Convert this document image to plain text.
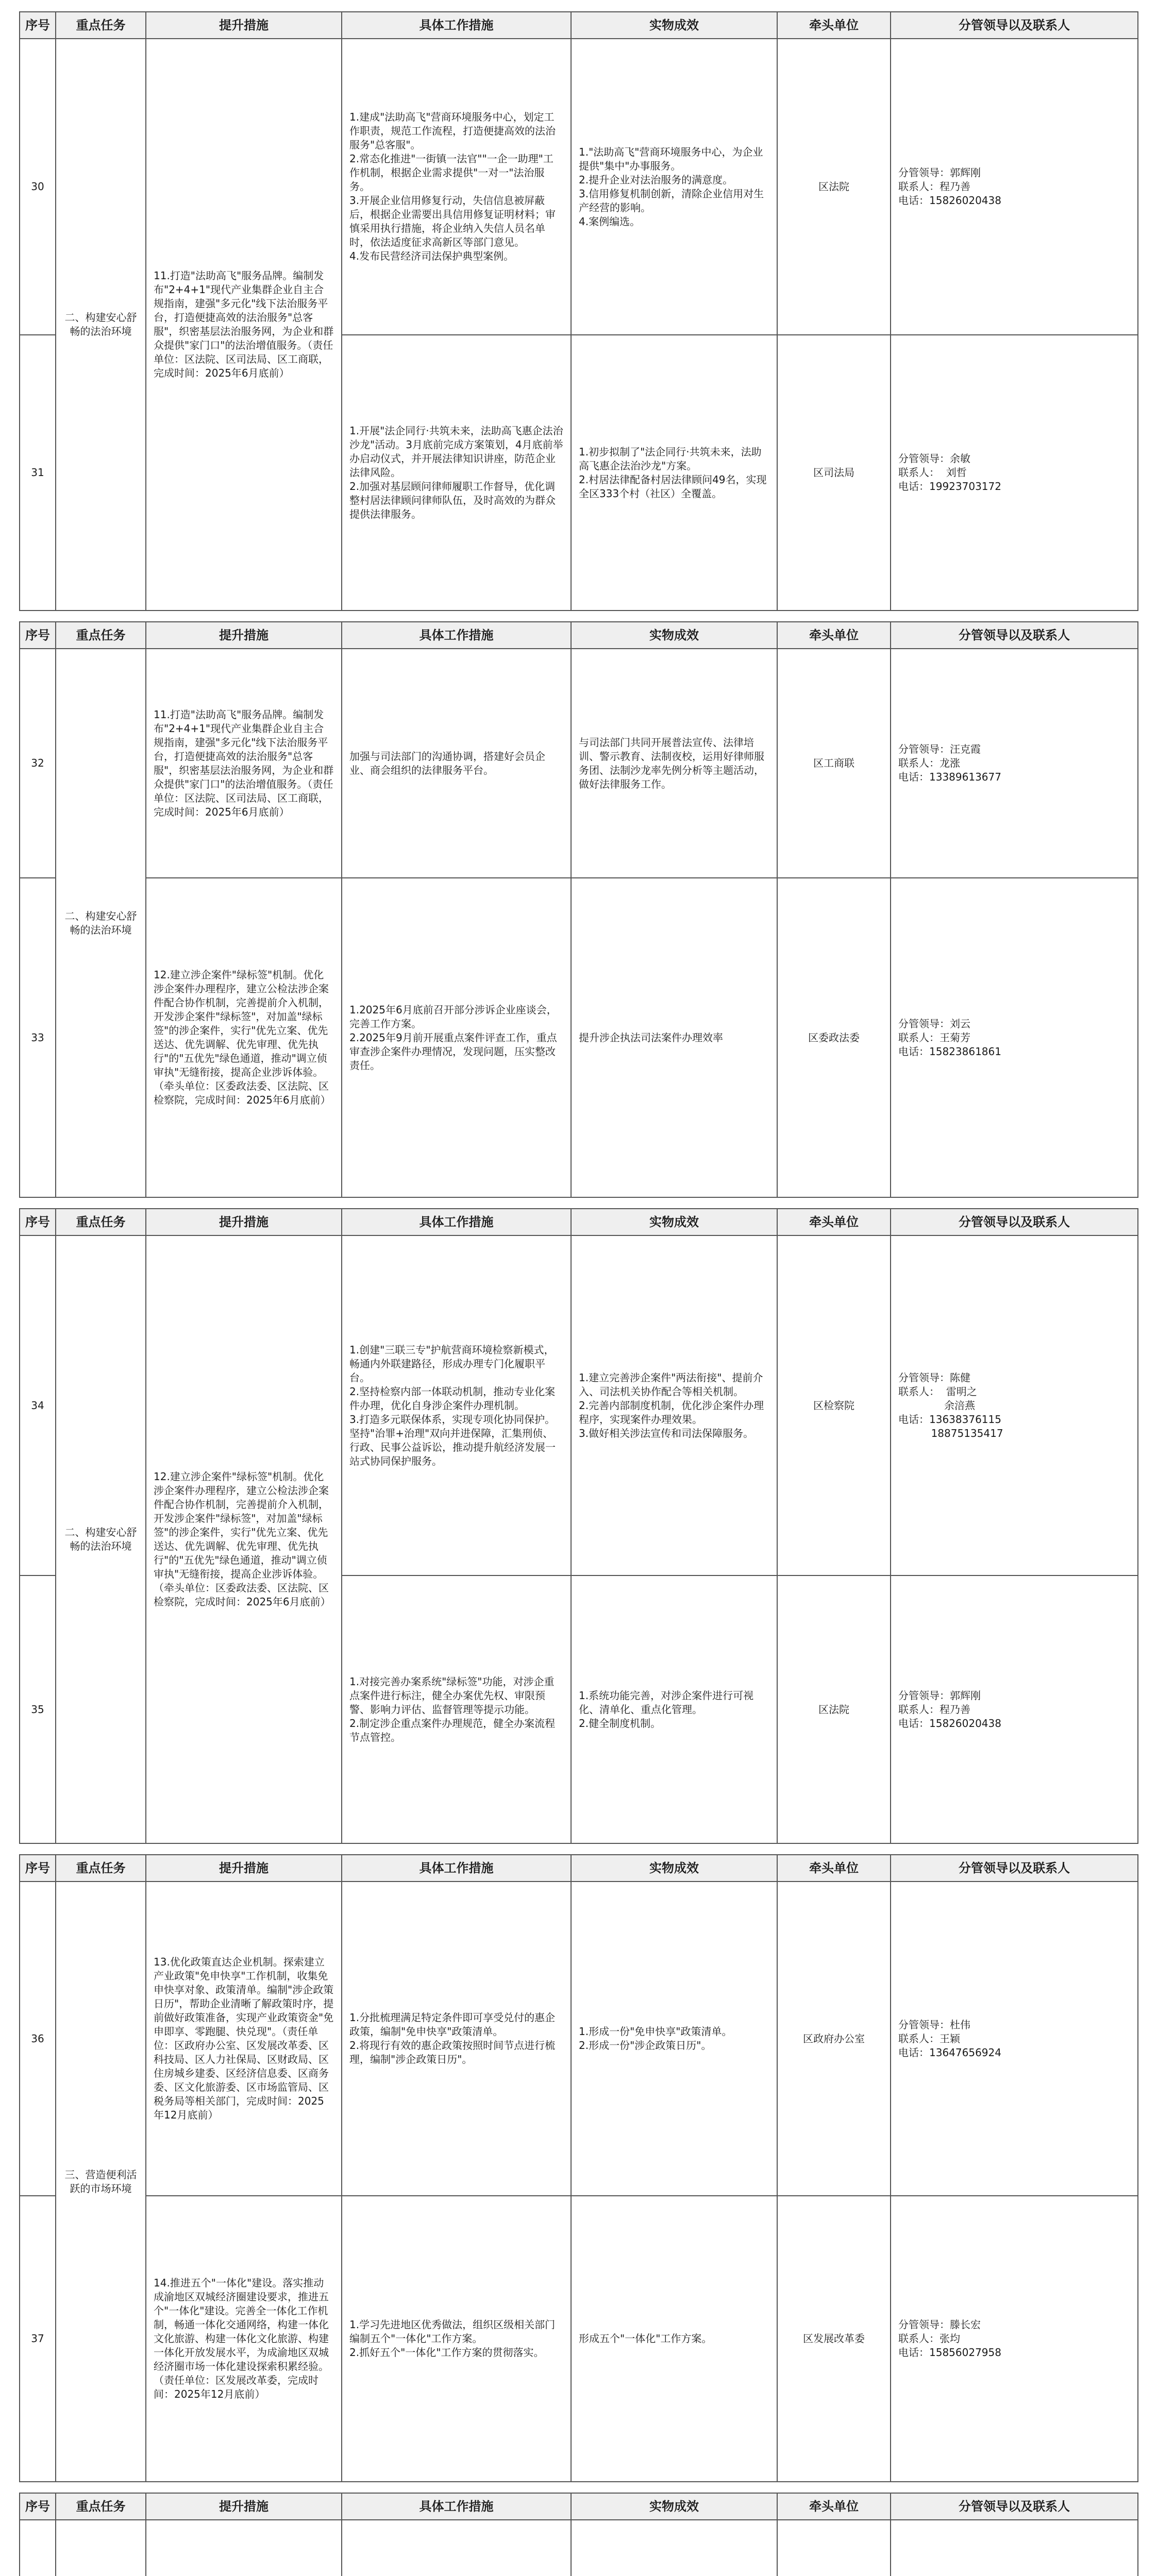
序号	重点任务	提升措施	具体工作措施	实物成效	牵头单位	分管领导以及联系人

30	二、构建安心舒畅的法治环境	11.打造"法助高飞"服务品牌。编制发布"2+4+1"现代产业集群企业自主合规指南，建强"多元化"线下法治服务平台，打造便捷高效的法治服务"总客服"，织密基层法治服务网，为企业和群众提供"家门口"的法治增值服务。（责任单位：区法院、区司法局、区工商联，完成时间：2025年6月底前）	1.建成"法助高飞"营商环境服务中心，划定工作职责，规范工作流程，打造便捷高效的法治服务"总客服"。
2.常态化推进"一街镇一法官""一企一助理"工作机制，根据企业需求提供"一对一"法治服务。
3.开展企业信用修复行动，失信信息被屏蔽后，根据企业需要出具信用修复证明材料；审慎采用执行措施，将企业纳入失信人员名单时，依法适度征求高新区等部门意见。
4.发布民营经济司法保护典型案例。	1."法助高飞"营商环境服务中心，为企业提供"集中"办事服务。
2.提升企业对法治服务的满意度。
3.信用修复机制创新，清除企业信用对生产经营的影响。
4.案例编选。	区法院	分管领导：郭辉刚
联系人：程乃善
电话：15826020438

31			1.开展"法企同行·共筑未来，法助高飞惠企法治沙龙"活动。3月底前完成方案策划，4月底前举办启动仪式，并开展法律知识讲座，防范企业法律风险。
2.加强对基层顾问律师履职工作督导，优化调整村居法律顾问律师队伍，及时高效的为群众提供法律服务。	1.初步拟制了"法企同行·共筑未来，法助高飞惠企法治沙龙"方案。
2.村居法律配备村居法律顾问49名，实现全区333个村（社区）全覆盖。	区司法局	分管领导：余敏
联系人：  刘哲
电话：19923703172
序号	重点任务	提升措施	具体工作措施	实物成效	牵头单位	分管领导以及联系人

32	二、构建安心舒畅的法治环境	11.打造"法助高飞"服务品牌。编制发布"2+4+1"现代产业集群企业自主合规指南，建强"多元化"线下法治服务平台，打造便捷高效的法治服务"总客服"，织密基层法治服务网，为企业和群众提供"家门口"的法治增值服务。（责任单位：区法院、区司法局、区工商联，完成时间：2025年6月底前）	加强与司法部门的沟通协调，搭建好会员企业、商会组织的法律服务平台。	与司法部门共同开展普法宣传、法律培训、警示教育、法制夜校，运用好律师服务团、法制沙龙率先例分析等主题活动，做好法律服务工作。	区工商联	分管领导：汪克霞
联系人：龙涨
电话：13389613677

33		12.建立涉企案件"绿标签"机制。优化涉企案件办理程序，建立公检法涉企案件配合协作机制，完善提前介入机制，开发涉企案件"绿标签"，对加盖"绿标签"的涉企案件，实行"优先立案、优先送达、优先调解、优先审理、优先执行"的"五优先"绿色通道，推动"调立侦审执"无缝衔接，提高企业涉诉体验。（牵头单位：区委政法委、区法院、区检察院，完成时间：2025年6月底前）	1.2025年6月底前召开部分涉诉企业座谈会，完善工作方案。
2.2025年9月前开展重点案件评查工作，重点审查涉企案件办理情况，发现问题，压实整改责任。	提升涉企执法司法案件办理效率	区委政法委	分管领导：刘云
联系人：王菊芳
电话：15823861861
序号	重点任务	提升措施	具体工作措施	实物成效	牵头单位	分管领导以及联系人

34	二、构建安心舒畅的法治环境	12.建立涉企案件"绿标签"机制。优化涉企案件办理程序，建立公检法涉企案件配合协作机制，完善提前介入机制，开发涉企案件"绿标签"，对加盖"绿标签"的涉企案件，实行"优先立案、优先送达、优先调解、优先审理、优先执行"的"五优先"绿色通道，推动"调立侦审执"无缝衔接，提高企业涉诉体验。（牵头单位：区委政法委、区法院、区检察院，完成时间：2025年6月底前）	1.创建"三联三专"护航营商环境检察新模式，畅通内外联建路径，形成办理专门化履职平台。
2.坚持检察内部一体联动机制，推动专业化案件办理，优化自身涉企案件办理机制。
3.打造多元联保体系，实现专项化协同保护。坚持"治罪+治理"双向并进保障，汇集刑侦、行政、民事公益诉讼，推动提升航经济发展一站式协同保护服务。	1.建立完善涉企案件"两法衔接"、提前介入、司法机关协作配合等相关机制。
2.完善内部制度机制，优化涉企案件办理程序，实现案件办理效果。
3.做好相关涉法宣传和司法保障服务。	区检察院	分管领导：陈健
联系人：  雷明之
余涪燕
电话：13638376115
18875135417

35			1.对接完善办案系统"绿标签"功能，对涉企重点案件进行标注，健全办案优先权、审限预警、影响力评估、监督管理等提示功能。
2.制定涉企重点案件办理规范，健全办案流程节点管控。	1.系统功能完善，对涉企案件进行可视化、清单化、重点化管理。
2.健全制度机制。	区法院	分管领导：郭辉刚
联系人：程乃善
电话：15826020438
序号	重点任务	提升措施	具体工作措施	实物成效	牵头单位	分管领导以及联系人

36	三、营造便利活跃的市场环境	13.优化政策直达企业机制。探索建立产业政策"免申快享"工作机制，收集免申快享对象、政策清单。编制"涉企政策日历"，帮助企业清晰了解政策时序，提前做好政策准备，实现产业政策资金"免申即享、零跑腿、快兑现"。（责任单位：区政府办公室、区发展改革委、区科技局、区人力社保局、区财政局、区住房城乡建委、区经济信息委、区商务委、区文化旅游委、区市场监管局、区税务局等相关部门，完成时间：2025年12月底前）	1.分批梳理满足特定条件即可享受兑付的惠企政策，编制"免申快享"政策清单。
2.将现行有效的惠企政策按照时间节点进行梳理，编制"涉企政策日历"。	1.形成一份"免申快享"政策清单。
2.形成一份"涉企政策日历"。	区政府办公室	分管领导：杜伟
联系人：王颖
电话：13647656924

37		14.推进五个"一体化"建设。落实推动成渝地区双城经济圈建设要求，推进五个"一体化"建设。完善全一体化工作机制，畅通一体化交通网络，构建一体化文化旅游、构建一体化文化旅游、构建一体化开放发展水平，为成渝地区双城经济圈市场一体化建设探索积累经验。（责任单位：区发展改革委，完成时间：2025年12月底前）	1.学习先进地区优秀做法，组织区级相关部门编制五个"一体化"工作方案。
2.抓好五个"一体化"工作方案的贯彻落实。	形成五个"一体化"工作方案。	区发展改革委	分管领导：滕长宏
联系人：张均
电话：15856027958
序号	重点任务	提升措施	具体工作措施	实物成效	牵头单位	分管领导以及联系人
